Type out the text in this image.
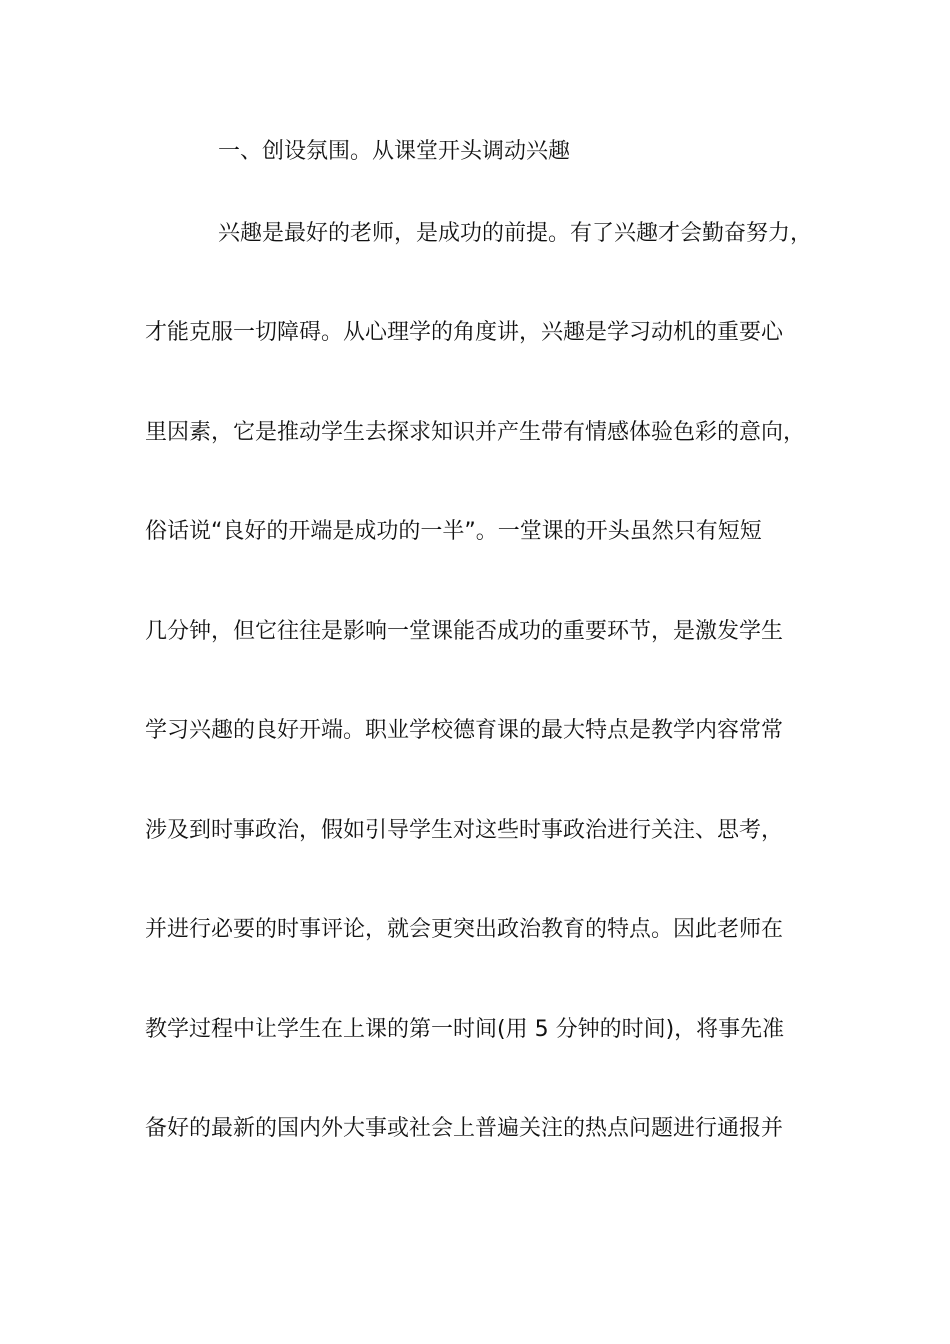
一、创设氛围。从课堂开头调动兴趣
兴趣是最好的老师，是成功的前提。有了兴趣才会勤奋努力，
才能克服一切障碍。从心理学的角度讲，兴趣是学习动机的重要心
里因素，它是推动学生去探求知识并产生带有情感体验色彩的意向，
俗话说“良好的开端是成功的一半”。一堂课的开头虽然只有短短
几分钟，但它往往是影响一堂课能否成功的重要环节，是激发学生
学习兴趣的良好开端。职业学校德育课的最大特点是教学内容常常
涉及到时事政治，假如引导学生对这些时事政治进行关注、思考，
并进行必要的时事评论，就会更突出政治教育的特点。因此老师在
教学过程中让学生在上课的第一时间(用 5 分钟的时间)，将事先准
备好的最新的国内外大事或社会上普遍关注的热点问题进行通报并
